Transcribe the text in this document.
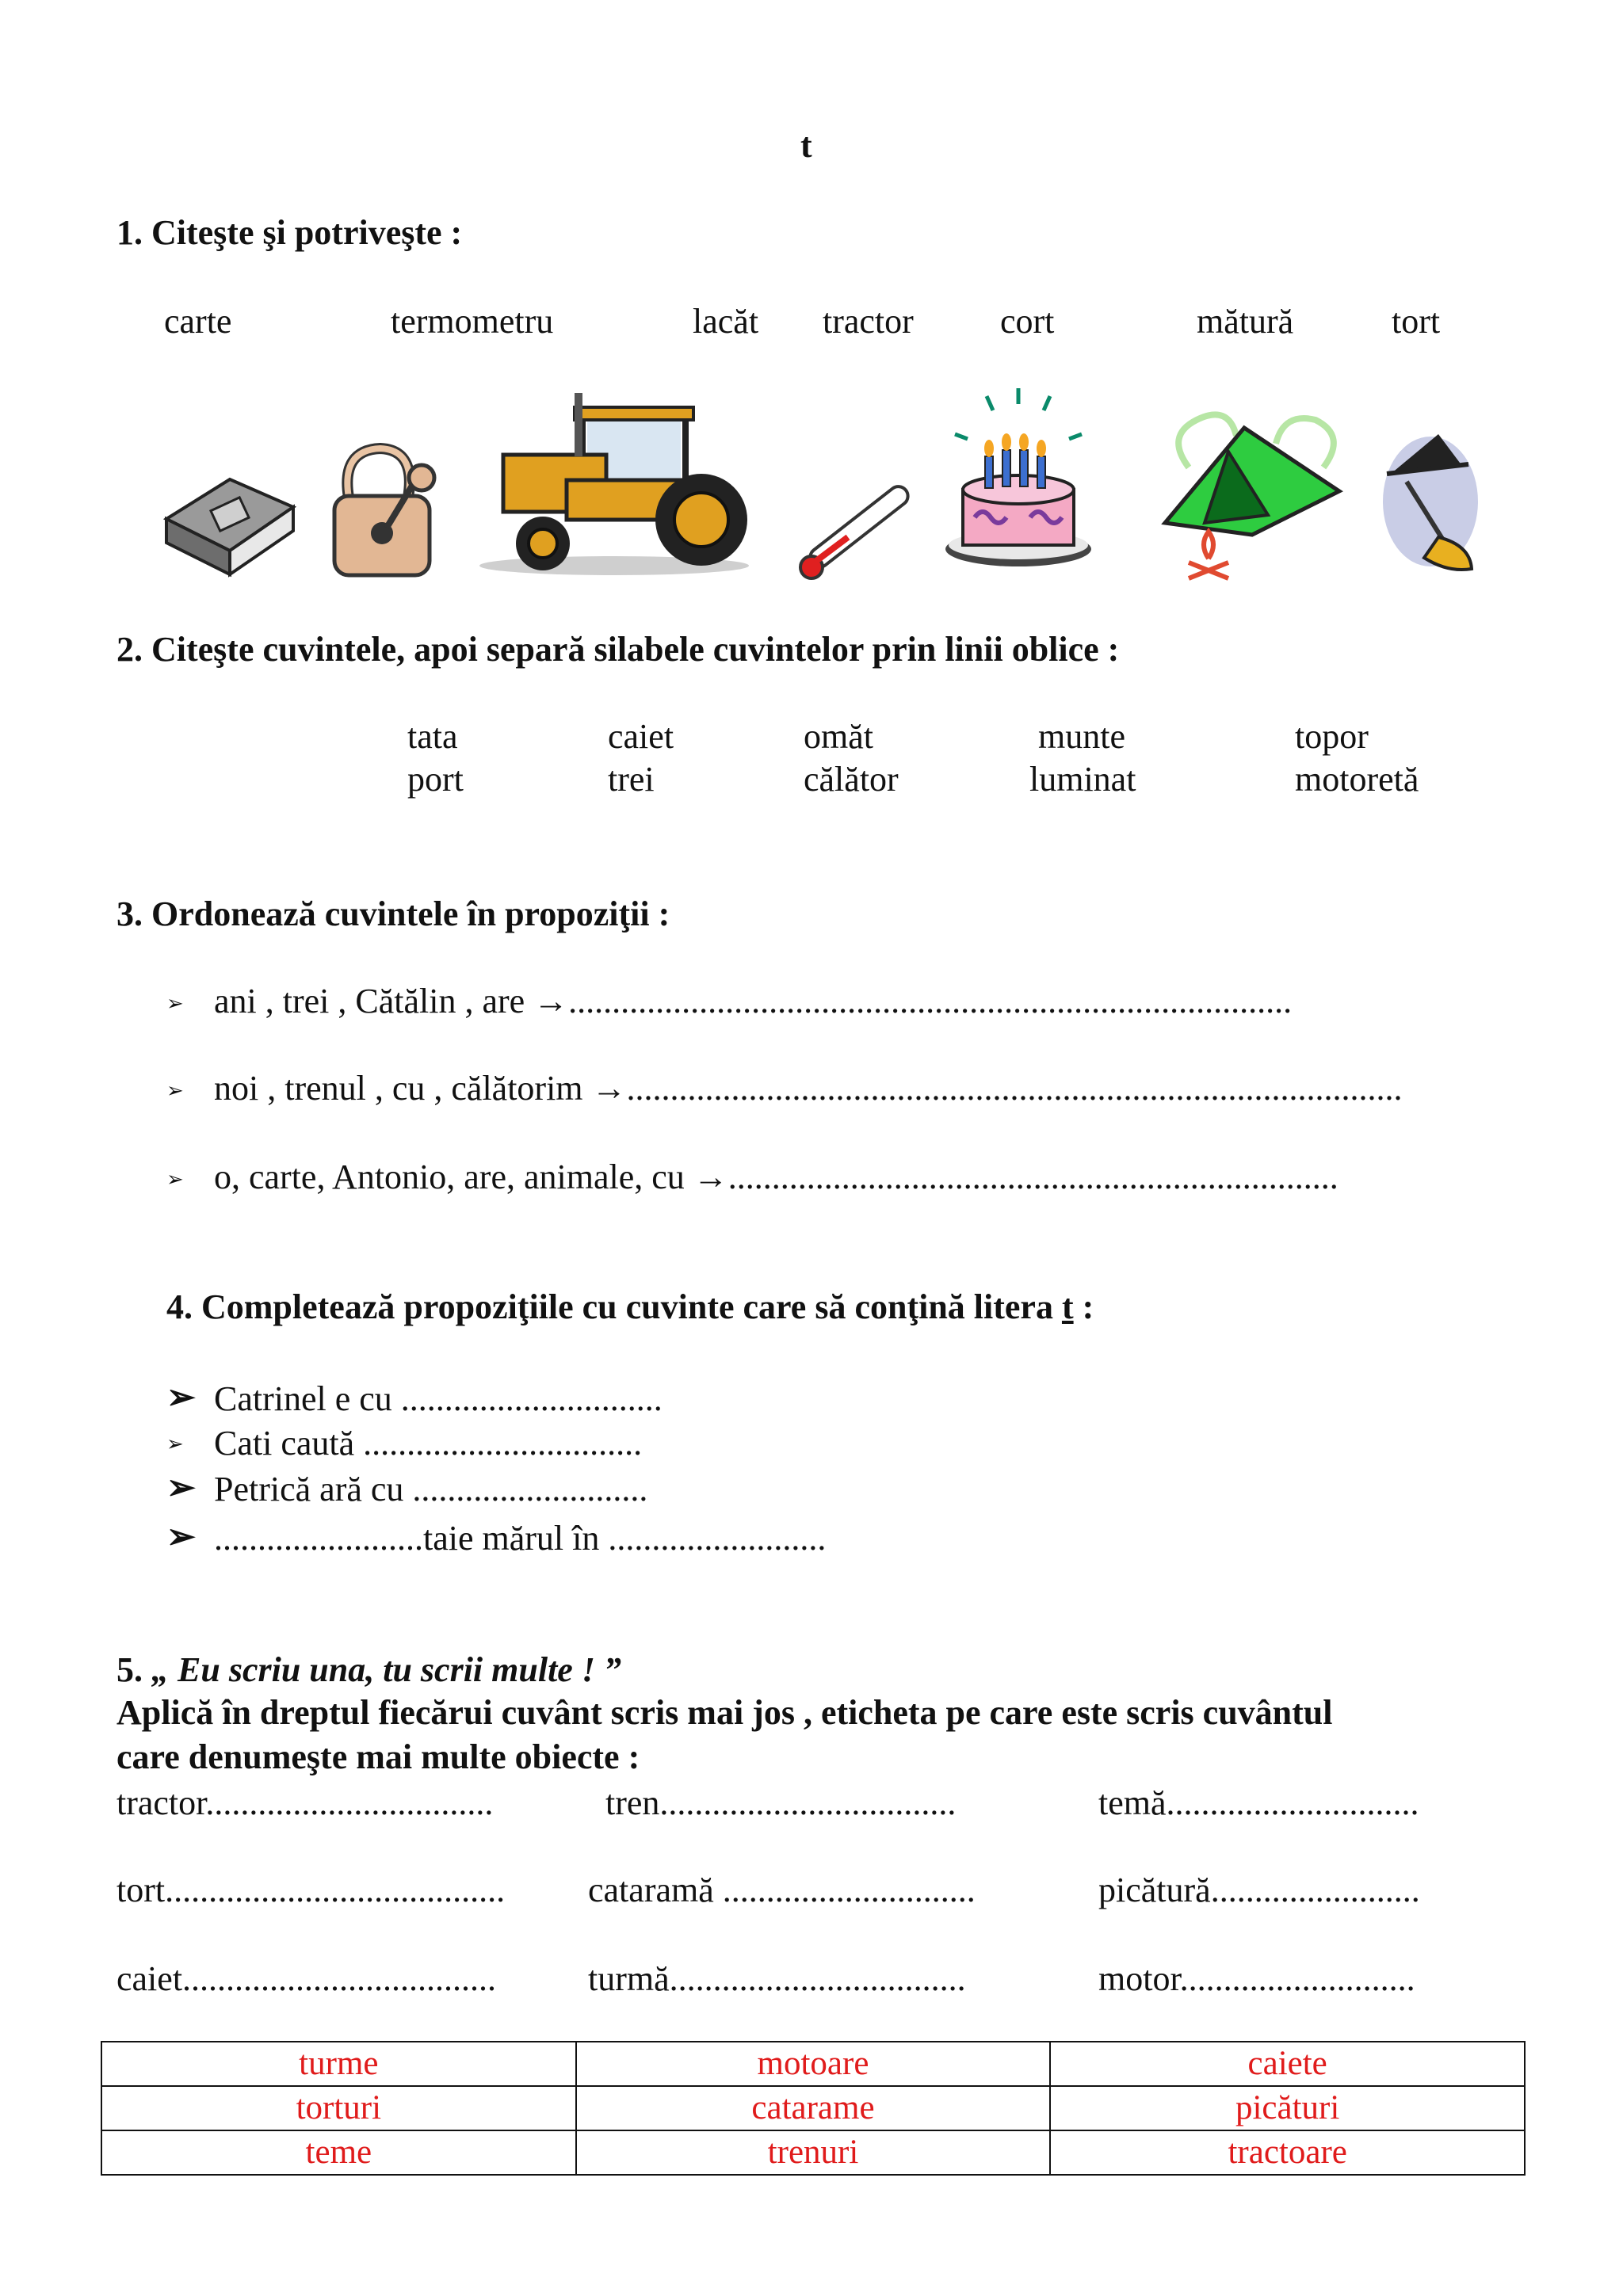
t
1. Citeşte şi potriveşte :
carte	termometru	lacăt tractor cort	mătură	tort
2. Citeşte cuvintele, apoi separă silabele cuvintelor prin linii oblice :
tata	caiet	omăt	munte	topor
port	trei	călător	luminat	motoretă
3. Ordonează cuvintele în propoziţii :
➢ ani , trei , Cătălin , are →...................................................................................
➢ noi , trenul , cu , călătorim →.........................................................................................
➢ o, carte, Antonio, are, animale, cu →......................................................................
4. Completează propoziţiile cu cuvinte care să conţină litera t :
➢ Catrinel e cu ..............................
➢ Cati caută ................................
➢ Petrică ară cu ...........................
➢ ........................taie mărul în .........................
5. „ Eu scriu una, tu scrii multe ! ”
Aplică în dreptul fiecărui cuvânt scris mai jos , eticheta pe care este scris cuvântul
care denumeşte mai multe obiecte :
tractor.................................	tren..................................	temă.............................
tort....................................... cataramă .............................	picătură........................
caiet....................................	turmă..................................	motor...........................
turme	motoare	caiete
torturi	catarame	picături
teme	trenuri	tractoare
